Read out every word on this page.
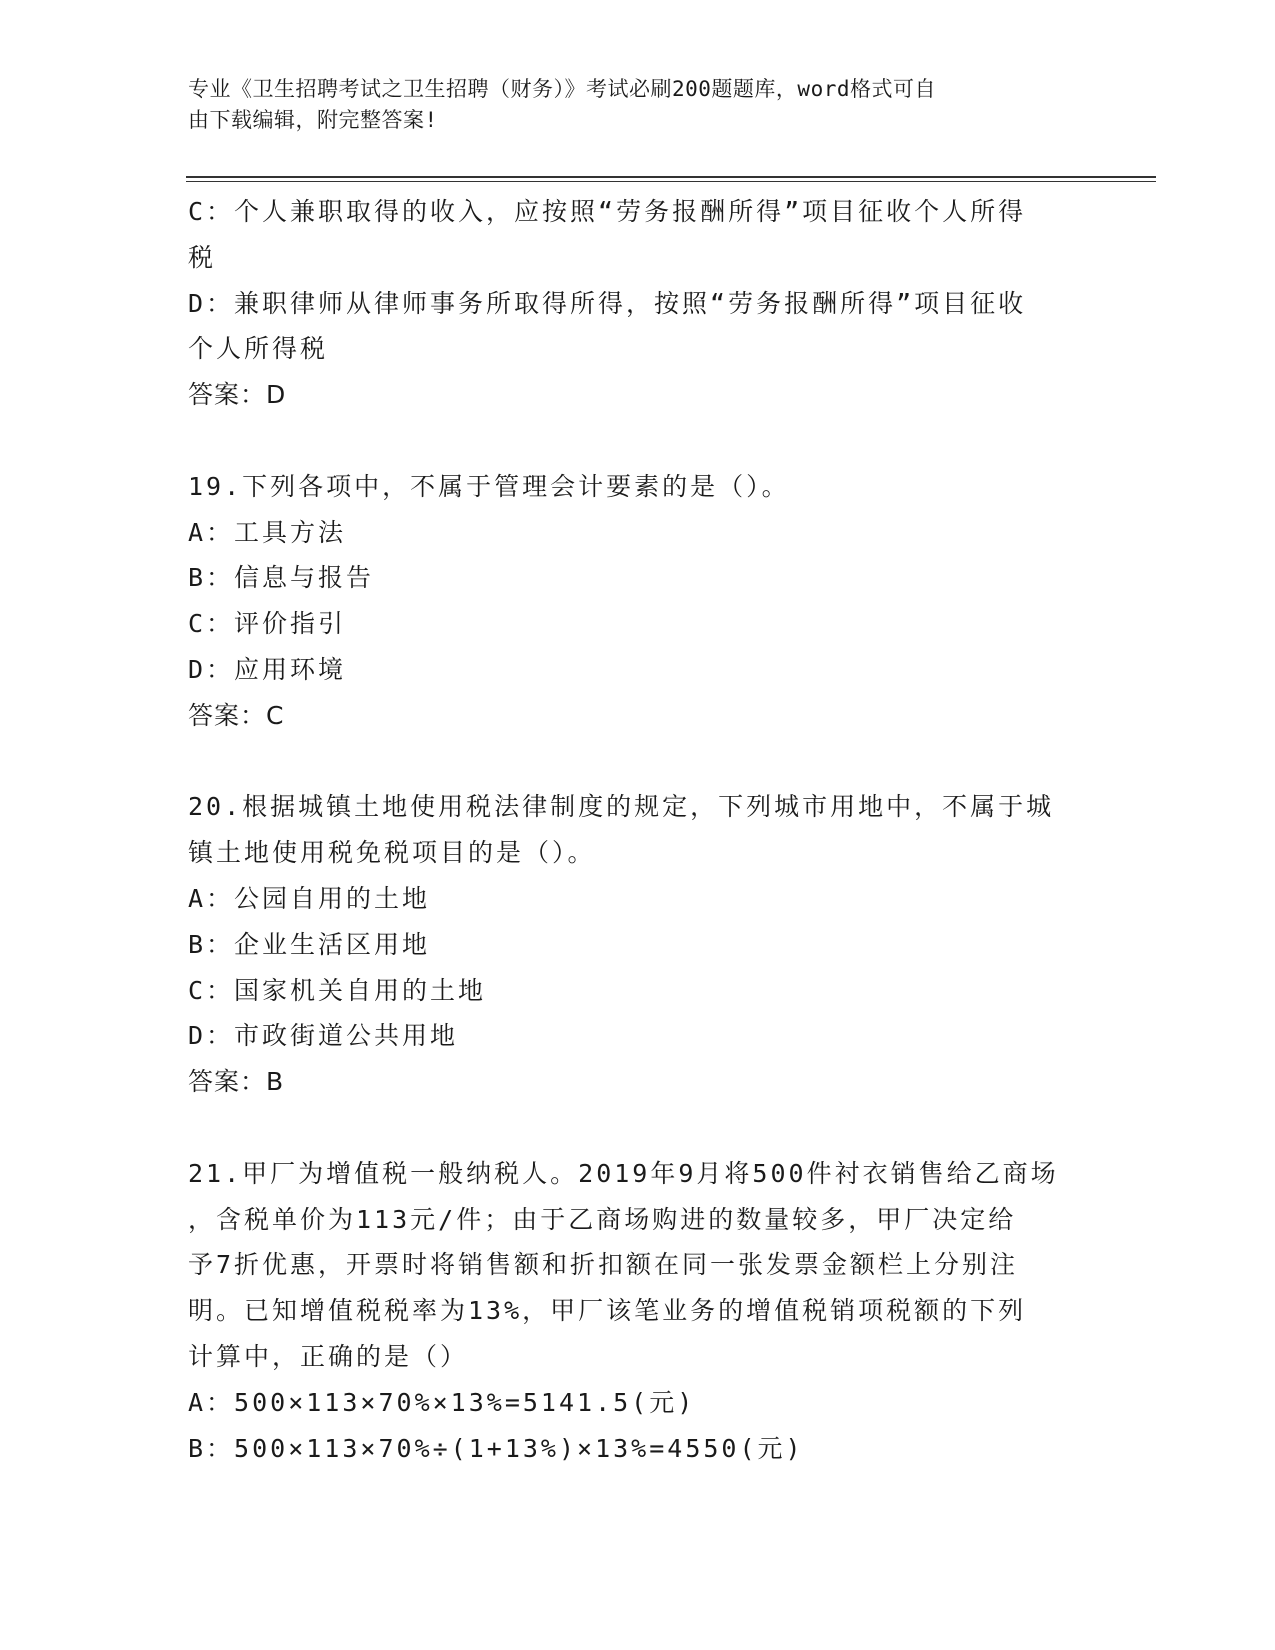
专业《卫生招聘考试之卫生招聘（财务）》考试必刷200题题库，word格式可自
由下载编辑，附完整答案!
C：个人兼职取得的收入，应按照“劳务报酬所得”项目征收个人所得
税
D：兼职律师从律师事务所取得所得，按照“劳务报酬所得”项目征收
个人所得税
答案：D
19.下列各项中，不属于管理会计要素的是（）。
A：工具方法
B：信息与报告
C：评价指引
D：应用环境
答案：C
20.根据城镇土地使用税法律制度的规定，下列城市用地中，不属于城
镇土地使用税免税项目的是（）。
A：公园自用的土地
B：企业生活区用地
C：国家机关自用的土地
D：市政街道公共用地
答案：B
21.甲厂为增值税一般纳税人。2019年9月将500件衬衣销售给乙商场
，含税单价为113元/件；由于乙商场购进的数量较多，甲厂决定给
予7折优惠，开票时将销售额和折扣额在同一张发票金额栏上分别注
明。已知增值税税率为13%，甲厂该笔业务的增值税销项税额的下列
计算中，正确的是（）
A：500×113×70%×13%=5141.5(元)
B：500×113×70%÷(1+13%)×13%=4550(元)
